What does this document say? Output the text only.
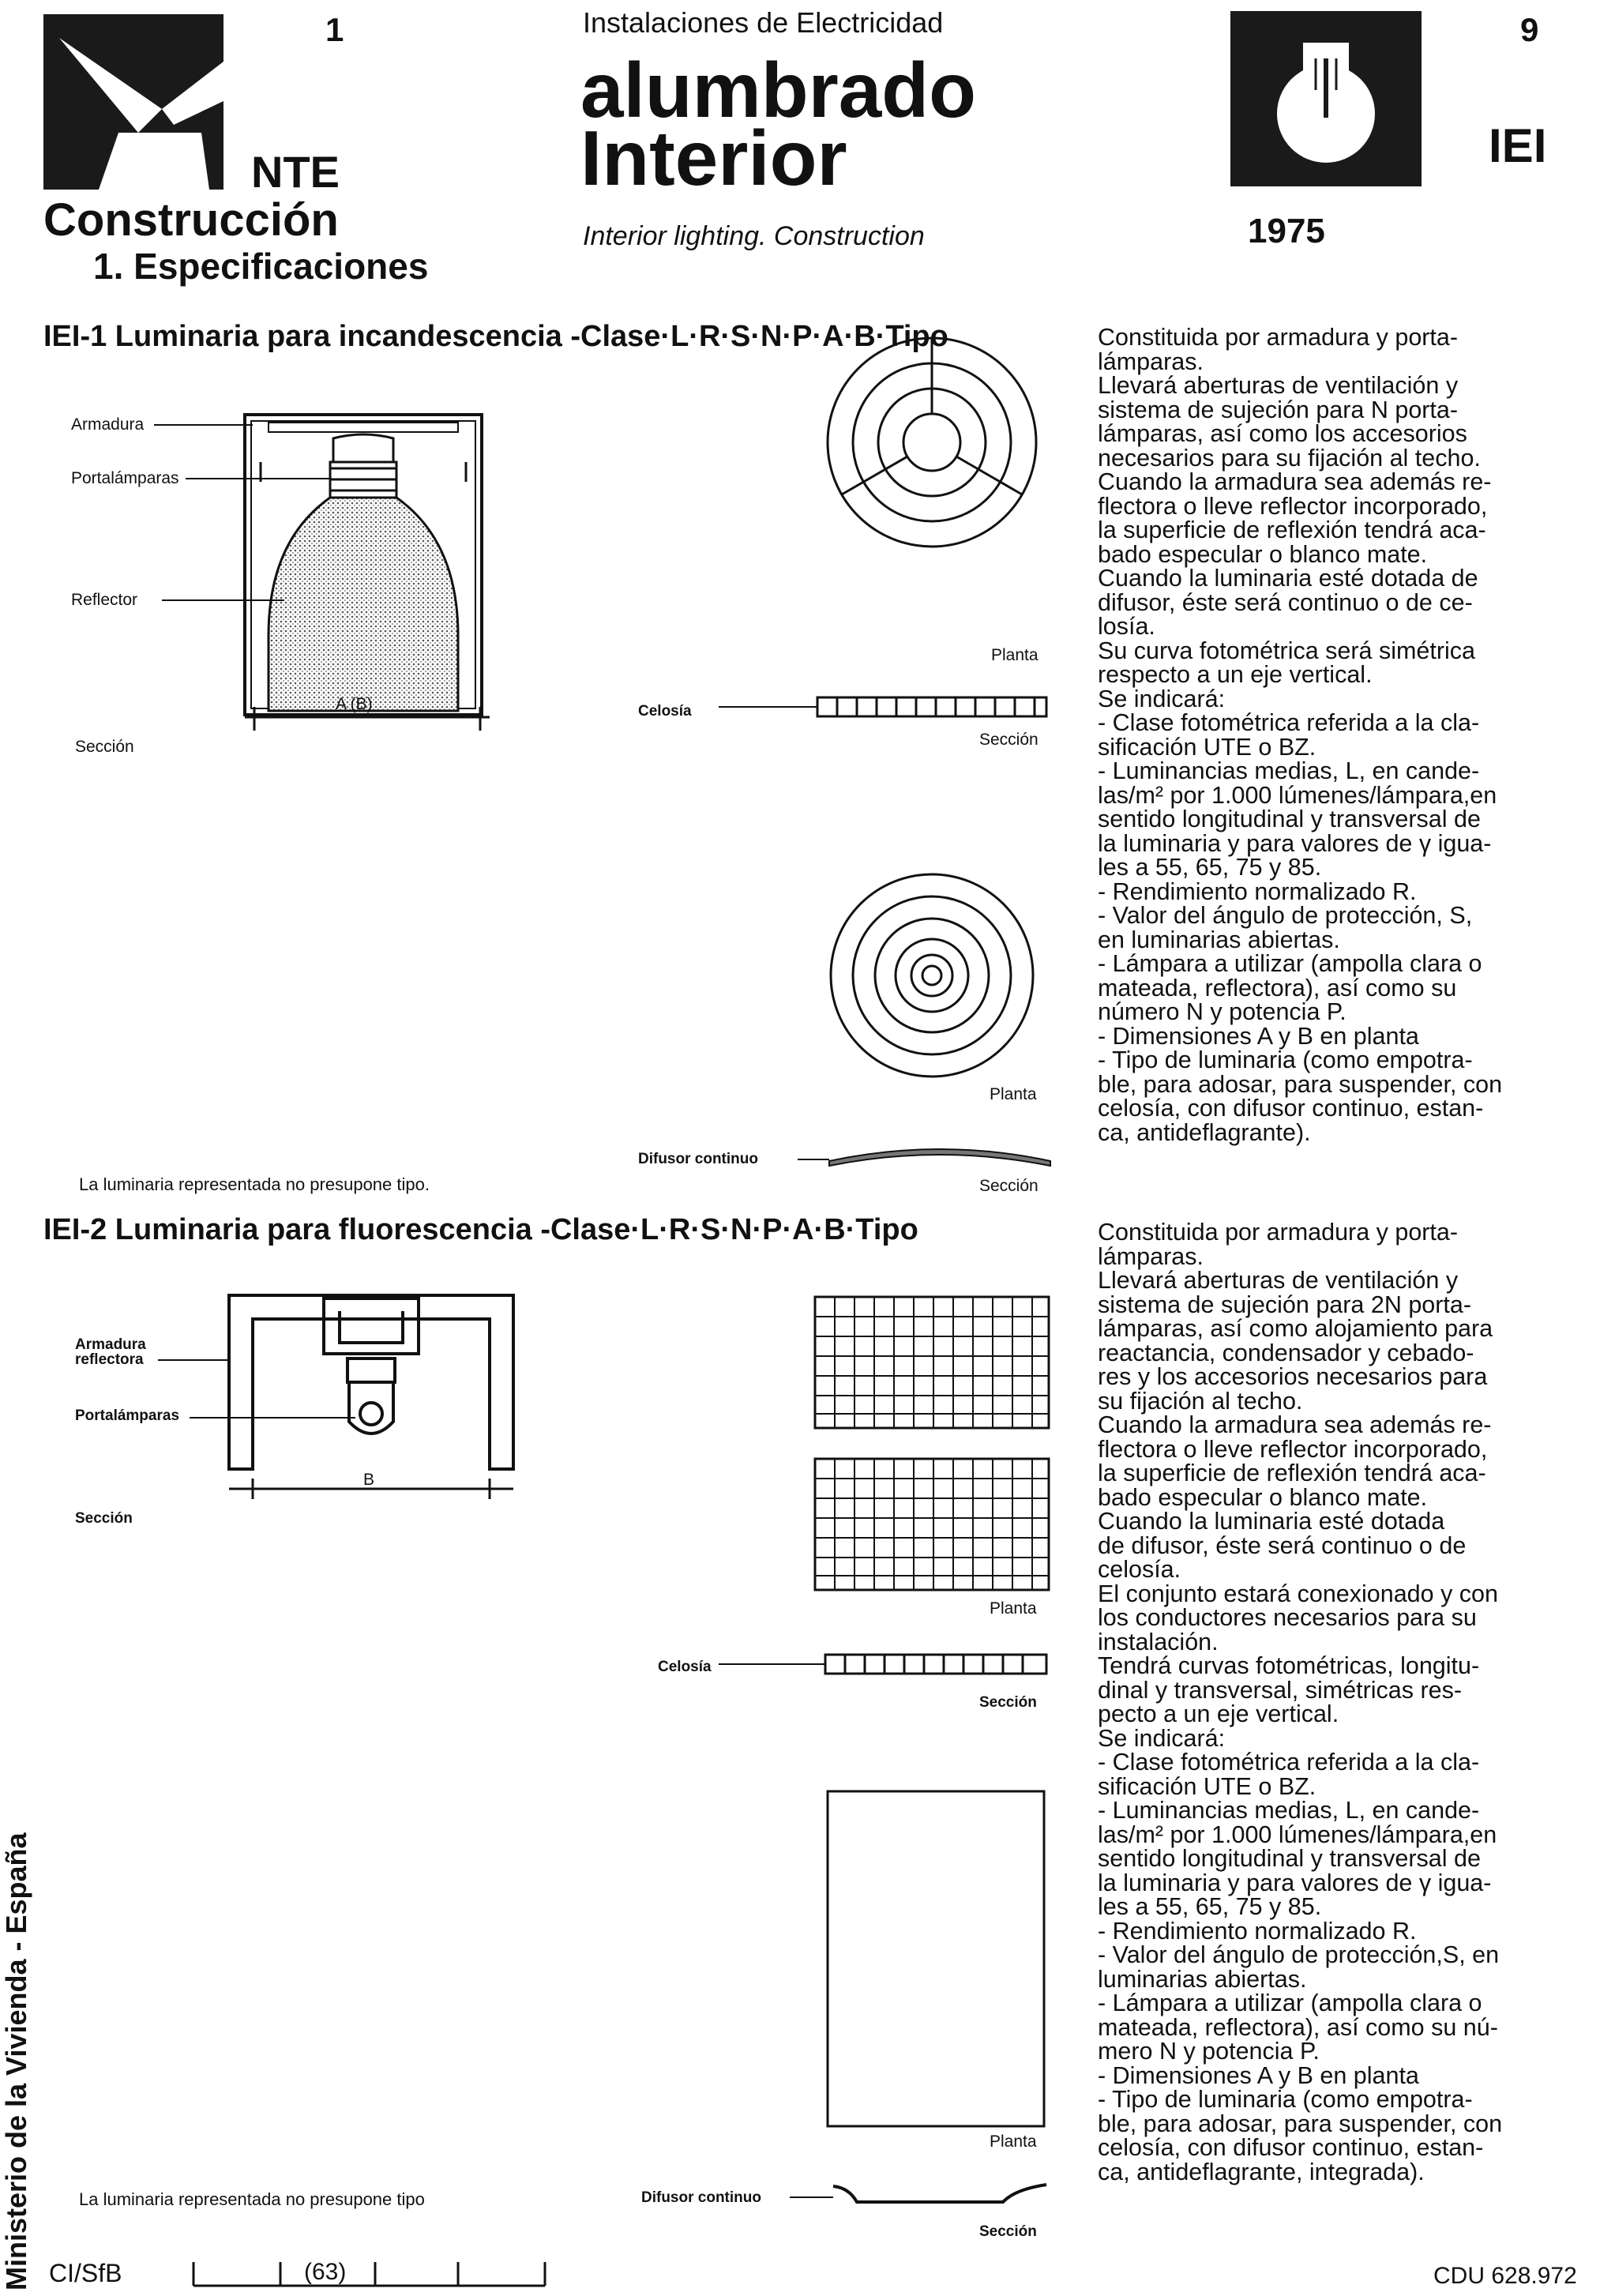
1
NTE
Construcción
1. Especificaciones
Instalaciones de Electricidad
alumbrado
Interior
Interior lighting. Construction
9
IEI
1975
IEI-1 Luminaria para incandescencia -Clase·L·R·S·N·P·A·B·Tipo
Armadura
Portalámparas
Reflector
A (B)
Sección
Planta
Celosía
Sección
Planta
Difusor continuo
Sección
La luminaria representada no presupone tipo.
Constituida por armadura y porta-
lámparas.
Llevará aberturas de ventilación y
sistema de sujeción para N porta-
lámparas, así como los accesorios
necesarios para su fijación al techo.
Cuando la armadura sea además re-
flectora o lleve reflector incorporado,
la superficie de reflexión tendrá aca-
bado especular o blanco mate.
Cuando la luminaria esté dotada de
difusor, éste será continuo o de ce-
losía.
Su curva fotométrica será simétrica
respecto a un eje vertical.
Se indicará:
- Clase fotométrica referida a la cla-
sificación UTE o BZ.
- Luminancias medias, L, en cande-
las/m² por 1.000 lúmenes/lámpara,en
sentido longitudinal y transversal de
la luminaria y para valores de γ igua-
les a 55, 65, 75 y 85.
- Rendimiento normalizado R.
- Valor del ángulo de protección, S,
en luminarias abiertas.
- Lámpara a utilizar (ampolla clara o
mateada, reflectora), así como su
número N y potencia P.
- Dimensiones A y B en planta
- Tipo de luminaria (como empotra-
ble, para adosar, para suspender, con
celosía, con difusor continuo, estan-
ca, antideflagrante).
IEI-2 Luminaria para fluorescencia -Clase·L·R·S·N·P·A·B·Tipo
Armadura reflectora
Portalámparas
B
Sección
Planta
Celosía
Sección
Planta
Difusor continuo
Sección
La luminaria representada no presupone tipo
Constituida por armadura y porta-
lámparas.
Llevará aberturas de ventilación y
sistema de sujeción para 2N porta-
lámparas, así como alojamiento para
reactancia, condensador y cebado-
res y los accesorios necesarios para
su fijación al techo.
Cuando la armadura sea además re-
flectora o lleve reflector incorporado,
la superficie de reflexión tendrá aca-
bado especular o blanco mate.
Cuando la luminaria esté dotada
de difusor, éste será continuo o de
celosía.
El conjunto estará conexionado y con
los conductores necesarios para su
instalación.
Tendrá curvas fotométricas, longitu-
dinal y transversal, simétricas res-
pecto a un eje vertical.
Se indicará:
- Clase fotométrica referida a la cla-
sificación UTE o BZ.
- Luminancias medias, L, en cande-
las/m² por 1.000 lúmenes/lámpara,en
sentido longitudinal y transversal de
la luminaria y para valores de γ igua-
les a 55, 65, 75 y 85.
- Rendimiento normalizado R.
- Valor del ángulo de protección,S, en
luminarias abiertas.
- Lámpara a utilizar (ampolla clara o
mateada, reflectora), así como su nú-
mero N y potencia P.
- Dimensiones A y B en planta
- Tipo de luminaria (como empotra-
ble, para adosar, para suspender, con
celosía, con difusor continuo, estan-
ca, antideflagrante, integrada).
Ministerio de la Vivienda - España CI/SfB	(63)	CDU 628.972
